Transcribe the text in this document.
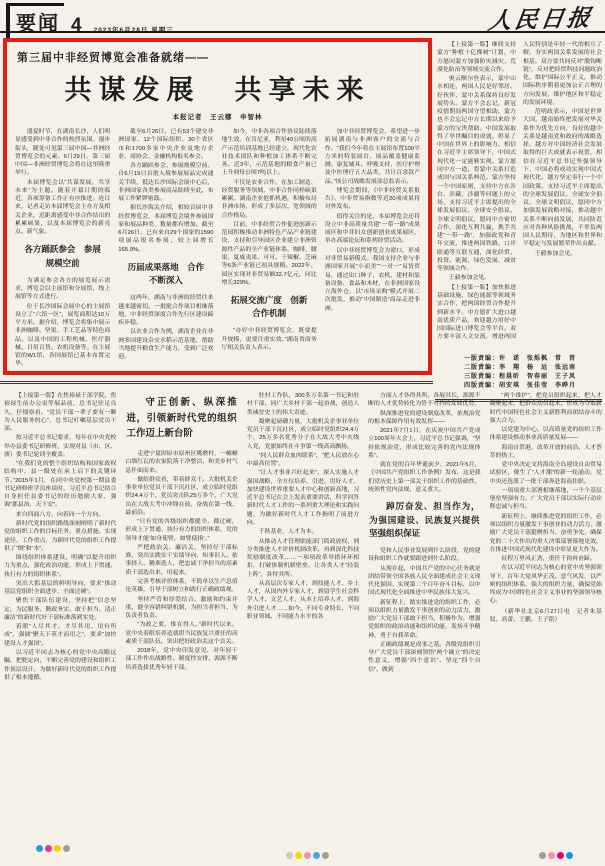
要闻 4 2023年6月28日 星期三	人民日报
第三届中非经贸博览会准备就绪——
共谋发展　共享未来
本报记者　王云娜　申智林

盛夏时节，在湖南长沙，人们明显感受到中非合作的热烈氛围。漫步街头，随处可见第三届中国—非洲经贸博览会的元素。6月29日，第三届中国—非洲经贸博览会将在这里隆重举行。

本届博览会以“共谋发展，共享未来”为主题。随着开幕日期的临近，各项筹备工作正有序推进。连日来，记者走访本届博览会主办方及相关企业，近距离感受中非合作结出的累累硕果，以及本届博览会的新亮点、新气象。

各方踊跃参会　参展规模空前

为满足参会各方的展览展示需求，博览会以主展馆和分展馆、线上展馆等方式进行。

位于长沙国际会展中心的主展馆设立了“六馆一区”，展览面积达10万平方米。据介绍，博览会将集中展示非洲咖啡、坚果、手工艺品等特色商品，以及中国的工程机械、医疗器械、日用百货、农机设备等。在主展馆的W1馆，各国展馆已基本布置完毕。

截至6月26日，已有53个建交非洲国家、12个国际组织、30个省区市和1700多家中央企业及地方企业、商协会、金融机构报名参会。

各方踊跃参会、参展规模空前。自6月19日首批入境参展展品完成通关手续，抵达长沙国际会展中心后，非洲国家各类参展商品陆续至此，布展工作紧锣密鼓。

据长沙海关介绍，相较首届中非经贸博览会，本届博览会境外参展国家和展品种类、数量都有增加。截至6月26日，已有来自29个国家的1590项展品报名参展，较上届增长165.9%。

历届成果落地　合作不断深入

这两年，湖南与非洲的经贸往来越来越密切，一批批合作项目相继落地，中非经贸深度合作先行区建设蹄疾步稳。

以农业合作为例，湖南企业在非洲多国建设杂交水稻示范基地，帮助当地提升粮食生产能力，受到广泛欢迎。

如今，中非各项合作协议陆续落地生效。在肯尼亚，利星40公顷的高产示范培训基地已经建立，现代化农业技术团队和种植加工体系不断完善。近3年，示范基地的粮食产量已上升到每公顷7吨以上。

不仅是农业合作，在加工制造、经贸服务等领域，中非合作同样硕果累累。湖南企业抢抓机遇，积极布局非洲市场，形成了多层次、宽领域的合作格局。

目前，中非经贸合作促进创新示范园积极推动非洲特色产品产业链建设，支持和引导园区企业建立非洲资源性产品的全产业链体系，咖啡、腰果、夏威夷果、可可、干辣椒、芝麻等6条产业链已初具规模。2022年，园区实现对非贸易额32.7亿元，同比增长329%。

拓展交流广度　创新合作机制

“办好中非经贸博览会，既要提升规模，更要注重实效。”湖南省商务厅相关负责人表示。

加中非经贸博览会，希望进一步拓展湖南与非洲客户的交流与合作。“我们今年将在主展馆布置100平方米的特装展台，展品覆盖健康监测、康复辅具、呼吸支持、医疗护理及中医理疗五大品类，共计百余款产品。”该公司战略发展部总监表示。

博览会期间，《中非经贸关系报告》、中非贸易指数等近20项成果将对外发布。

值得关注的是，本届博览会还将设立中非高质量共建“一带一路”成果展区和中非妇女创新创业成果展区，举办高端论坛和系列经贸活动。

以中非经贸博览会为窗口，形成对非贸易新模式。我国支持企业与非洲国家开展“小而美”“一对一”易货贸易，通过出口种子、农机、建材和装备设备、食品和木材，在非洲国家设立海外仓，以“市场采购”模式开展二次批发，推动“中国制造”商品走进非洲。

【上接第一版】继续支持蒙方“种植十亿棵树”计划，中方愿同蒙方加强防灾减灾、荒漠化防治等领域交流合作。

奥云额尔登表示，蒙中山水相连，两国人民是好邻居、好伙伴，蒙中关系保持良好发展势头。蒙方不会忘记，新冠疫情期间两国守望相助，蒙方也不会忘记中方长期以来给予蒙方的宝贵帮助。中国发展取得了举世瞩目的成就，彰显了中国在世界上的影响力。相信在习近平主席领导下，中国式现代化一定能够实现。蒙方愿同中方一道，将蒙中关系打造成国与国关系典范。蒙方坚持一个中国原则，支持中方在涉台、涉藏、涉疆等问题上的立场，支持习近平主席提出的全球发展倡议、全球安全倡议、全球文明倡议，愿同中方密切合作，深化互利共赢，携手共建“一带一路”，加强政党和青年交流，推进两国铁路、口岸联通等互联互通，深化经贸、投资、能源、绿色发展、减贫等领域合作。

王毅参加会见。

【上接第一版】加快推进基础设施、绿色能源等领域务实合作，把两国经贸合作提升到新水平。中方愿扩大进口越南优质产品，欢迎越方用好中国国际进口博览会等平台。双方要丰富人文交流，增进两国人民特别是年轻一代的相互了解，夯实两国关系发展的社会根基。双方要共同反对“脱钩断链”，反对把经贸科技问题政治化，维护国际公平正义，推动国际秩序朝着更加公正合理的方向发展，维护地区和平稳定的发展环境。

范明政表示，中国是世界大国，越南始终把发展对华关系作为优先方向，良好的越中关系是越南党和政府的战略选择。越方对中国经济社会发展取得的巨大成就表示祝贺，相信在习近平总书记坚强领导下，中国必将成功实现中国式现代化。越方坚定奉行一个中国政策，支持习近平主席提出的全球发展倡议、全球安全倡议、全球文明倡议，愿同中方加强发展战略对接，推动越中关系不断向前发展，共同防范应对各种风险挑战，不辜负两国人民期待，为地区和世界和平稳定与发展繁荣作出贡献。

王毅参加会见。

一版责编：许　诺　张烁枫　常　晋
二版责编：李　翔　杨　远　张远南
三版责编：程晨昕　智春丽　王子凤
四版责编：胡安琪　张佳莹　李晔月

【上接第一版】在焦裕禄干部学院，焦裕禄生前办公桌等展品前，总书记驻足良久，仔细察看。“党员干部一辈子要有一颗为人民服务的心”，总书记叮嘱基层党员干部。

按习近平总书记要求，每年在中央党校举办县委书记研修班，实现对县（市、区、旗）委书记轮训全覆盖。

“在我们党的整个组织结构和国家政权结构中，县一级处在承上启下的关键环节。”2015年1月，在同中央党校第一期县委书记研修班学员座谈时，习近平总书记结合自身担任县委书记的经历勉励大家，强调“郡县治，天下安”。

来自四面八方，向着同一个方向。

新时代党的组织路线深刻阐明了新时代党的组织工作的目标任务、重点措施、实现途径、工作重点，为新时代党的组织工作提供了“纲”和“本”。

围绕组织体系建设，明确“以提升组织力为重点，强化政治功能，形成上下贯通、执行有力的组织体系”。

突出大抓基层的鲜明导向，要求“推动基层党组织全面进步、全面过硬”。

聚焦干部队伍建设，坚持把“信念坚定、为民服务、勤政务实、敢于担当、清正廉洁”的新时代好干部标准落到实处。

着眼“人尽其才、才尽其用、用有所成”，强调“聚天下英才而用之”，要求“加快建设人才强国”。

以习近平同志为核心的党中央高瞻远瞩、把舵定向，不断完善党的建设和组织工作顶层设计，为做好新时代党的组织工作提供了根本遵循。

守正创新、纵深推进，引领新时代党的组织工作迈上新台阶

走进宁夏固原市原州区姚磨村，一幢幢白墙红瓦的农家院落干净整洁，和美乡村气息扑面而来。

做给群众看，带着群众干。大批机关企事业单位党员干部下沉社区，成立临时党组织24.4万个、党员突击队25万多个，广大党员在大战大考中冲锋在前，奋战在第一线、最前沿。

“只有党的各级组织都健全、都过硬，形成上下贯通、执行有力的组织体系，党的领导才能‘如身使臂，如臂使指’。”

严把政治关、廉洁关，坚持好干部标准，突出实践实干实绩导向，知事识人、依事择人、精准选人，把忠诚干净担当的高素质干部选出来、用起来。

完善考核评价体系，不简单以生产总值论英雄，引导干部树立和践行正确政绩观。

坚持严管和厚爱结合、激励和约束并重，健全容错纠错机制，为担当者担当、为负责者负责。

“为政之要，惟在得人。”新时代以来，党中央着眼培养造就堪当民族复兴重任的高素质干部队伍，突出把好政治关这个首关。

2018年，党中央印发意见，对年轻干部工作作出战略性、制度性安排，源源不断培养选拔优秀年轻干部。

驻村工作队，300多万名第一书记和驻村干部，同广大乡村干部一起奋战，创造人类减贫史上的伟大奇迹。

凝聚起磅礴力量，大批机关企事业单位党员干部下沉社区，成立临时党组织24.4万个，25万多名优秀分子在大战大考中火线入党，党旗始终在斗争第一线高高飘扬。

“同人民群众血肉联系”，“把人民放在心中最高位置”。

“让人才事业兴旺起来”，深入实施人才强国战略，全方位培养、引进、用好人才，加快建设世界重要人才中心和创新高地，习近平总书记在会上发表重要讲话，科学回答新时代人才工作的一系列重大理论和实践问题，为做好新时代人才工作指明了前进方向。

千秋基业，人才为本。

从推动人才管理职能部门简政放权，到分类推进人才评价机制改革，再到深化科技奖励制度改革……一项项改革举措环环相扣，打破体制机制壁垒，让各类人才“轻装上阵”、各得其所。

从高层次专家人才，到技能人才、乡土人才，从国内外专家人才，到留学生社会科学人才、文艺人才，从本土培养人才，到海外引进人才……如今，不同专业特长、不同职业领域、不同能力水平的各

方面人才各得其所、各展其长，源源不断的人才优势转化为势不可挡的发展优势。

纵深推进党的建设制度改革，依规治党的根本保障作用有效发挥——

2021年7月1日，在庆祝中国共产党成立100周年大会上，习近平总书记强调，“坚持依规治党，形成比较完善的党内法规体系”。

就在党的百年华诞前夕，2021年5月，《中国共产党组织工作条例》发布，这是我们党历史上第一部关于组织工作的基础性、统领性党内法规，意义重大。

踔厉奋发、担当作为，为强国建设、民族复兴提供坚强组织保证

党和人民事业发展到什么阶段，党的建设和组织工作就要跟进到什么阶段。

从现在起，中国共产党的中心任务就是团结带领全国各族人民全面建成社会主义现代化强国、实现第二个百年奋斗目标，以中国式现代化全面推进中华民族伟大复兴。

新征程上，踏实推进党的组织工作，必须以组织力量激发干事创业的动力活力，激励广大党员干部敢于担当、积极作为，增强党组织的政治功能和组织功能，发扬斗争精神，勇于自我革命。

正确政绩观是成事之基。各级党组织引导广大党员干部深刻领悟“两个确立”的决定性意义，增强“四个意识”、坚定“四个自信”、做到

“两个维护”，把党员组织起来，把人才凝聚起来，把群众动员起来，形成为夺取新时代中国特色社会主义新胜利而团结奋斗的强大合力。

以党建为中心，以高质量党的组织工作体系建设推动事业高质量发展——

海南自贸港，改革开放的前沿、人才荟萃的热土。

党中央决定支持海南全岛建设自由贸易试验区，催生了“人才潮”的新一轮涌动，党中央还选派了一批干部奔赴海南挂职。

一项项重大部署相继落地，一个个基层堡垒坚强有力，广大党员干部以实际行动诠释忠诚与担当。

新征程上，继续推进党的组织工作，必须以组织力量激发干事创业的动力活力，激励广大党员干部挺膺担当、奋勇争先，确保党的二十大作出的重大决策部署落地见效，在推进中国式现代化建设中彰显更大作为。

征程万里风正劲，重任千钧再奋蹄。

在以习近平同志为核心的党中央坚强领导下，百年大党风华正茂、意气风发，以严密的组织体系、强大的组织力量，确保党始终成为中国特色社会主义事业的坚强领导核心。

（新华社北京6月27日电　记者朱基钗、高蕾、王鹏、王子铭）
